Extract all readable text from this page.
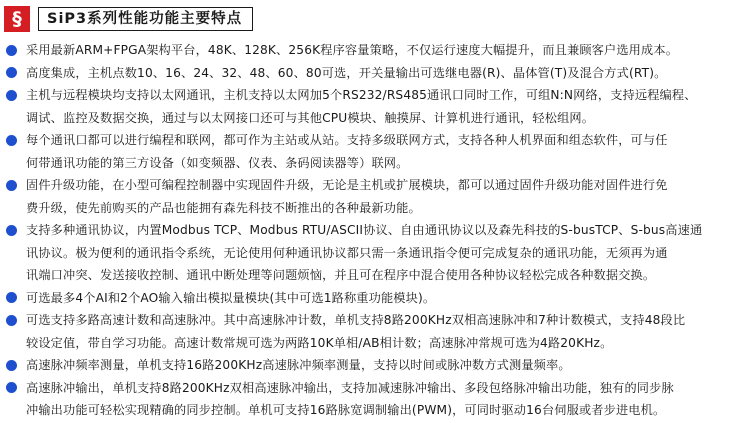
§	SiP3系列性能功能主要特点
采用最新ARM+FPGA架构平台，48K、128K、256K程序容量策略，不仅运行速度大幅提升，而且兼顾客户选用成本。
高度集成，主机点数10、16、24、32、48、60、80可选，开关量输出可选继电器(R)、晶体管(T)及混合方式(RT)。
主机与远程模块均支持以太网通讯，主机支持以太网加5个RS232/RS485通讯口同时工作，可组N:N网络，支持远程编程、
调试、监控及数据交换，通过与以太网接口还可与其他CPU模块、触摸屏、计算机进行通讯，轻松组网。
每个通讯口都可以进行编程和联网，都可作为主站或从站。支持多级联网方式，支持各种人机界面和组态软件，可与任
何带通讯功能的第三方设备（如变频器、仪表、条码阅读器等）联网。
固件升级功能，在小型可编程控制器中实现固件升级，无论是主机或扩展模块，都可以通过固件升级功能对固件进行免
费升级，使先前购买的产品也能拥有森先科技不断推出的各种最新功能。
支持多种通讯协议，内置Modbus TCP、Modbus RTU/ASCII协议、自由通讯协议以及森先科技的S-busTCP、S-bus高速通
讯协议。极为便利的通讯指令系统，无论使用何种通讯协议都只需一条通讯指令便可完成复杂的通讯功能，无须再为通
讯端口冲突、发送接收控制、通讯中断处理等问题烦恼，并且可在程序中混合使用各种协议轻松完成各种数据交换。
可选最多4个AI和2个AO输入输出模拟量模块(其中可选1路称重功能模块)。
可选支持多路高速计数和高速脉冲。其中高速脉冲计数，单机支持8路200KHz双相高速脉冲和7种计数模式，支持48段比
较设定值，带自学习功能。高速计数常规可选为两路10K单相/AB相计数；高速脉冲常规可选为4路20KHz。
高速脉冲频率测量，单机支持16路200KHz高速脉冲频率测量，支持以时间或脉冲数方式测量频率。
高速脉冲输出，单机支持8路200KHz双相高速脉冲输出，支持加减速脉冲输出、多段包络脉冲输出功能，独有的同步脉
冲输出功能可轻松实现精确的同步控制。单机可支持16路脉宽调制输出(PWM)，可同时驱动16台伺服或者步进电机。
